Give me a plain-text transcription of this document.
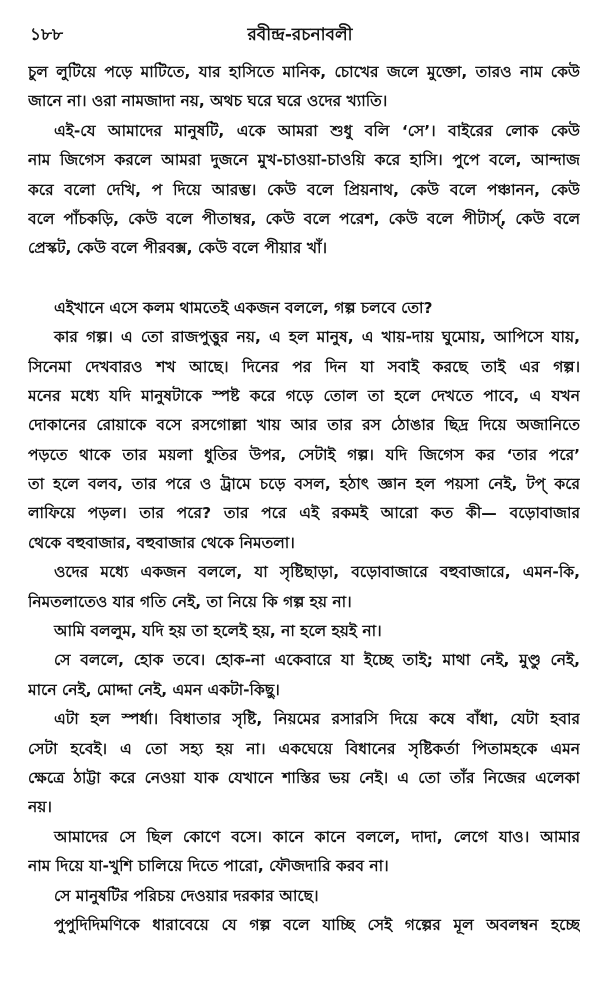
১৮৮	রবীন্দ্র-রচনাবলী
চুল লুটিয়ে পড়ে মাটিতে, যার হাসিতে মানিক, চোখের জলে মুক্তো, তারও নাম কেউ
জানে না। ওরা নামজাদা নয়, অথচ ঘরে ঘরে ওদের খ্যাতি।
এই-যে আমাদের মানুষটি, একে আমরা শুধু বলি ‘সে’। বাইরের লোক কেউ
নাম জিগেস করলে আমরা দুজনে মুখ-চাওয়া-চাওয়ি করে হাসি। পুপে বলে, আন্দাজ
করে বলো দেখি, প দিয়ে আরম্ভ। কেউ বলে প্রিয়নাথ, কেউ বলে পঞ্চানন, কেউ
বলে পাঁচকড়ি, কেউ বলে পীতাম্বর, কেউ বলে পরেশ, কেউ বলে পীটার্স্‌, কেউ বলে
প্রেস্কট, কেউ বলে পীরবক্স, কেউ বলে পীয়ার খাঁ।
এইখানে এসে কলম থামতেই একজন বললে, গল্প চলবে তো?
কার গল্প। এ তো রাজপুত্তুর নয়, এ হল মানুষ, এ খায়-দায় ঘুমোয়, আপিসে যায়,
সিনেমা দেখবারও শখ আছে। দিনের পর দিন যা সবাই করছে তাই এর গল্প।
মনের মধ্যে যদি মানুষটাকে স্পষ্ট করে গড়ে তোল তা হলে দেখতে পাবে, এ যখন
দোকানের রোয়াকে বসে রসগোল্লা খায় আর তার রস ঠোঙার ছিদ্র দিয়ে অজানিতে
পড়তে থাকে তার ময়লা ধুতির উপর, সেটাই গল্প। যদি জিগেস কর ‘তার পরে’
তা হলে বলব, তার পরে ও ট্রামে চড়ে বসল, হঠাৎ জ্ঞান হল পয়সা নেই, টপ্‌ করে
লাফিয়ে পড়ল। তার পরে? তার পরে এই রকমই আরো কত কী— বড়োবাজার
থেকে বহুবাজার, বহুবাজার থেকে নিমতলা।
ওদের মধ্যে একজন বললে, যা সৃষ্টিছাড়া, বড়োবাজারে বহুবাজারে, এমন-কি,
নিমতলাতেও যার গতি নেই, তা নিয়ে কি গল্প হয় না।
আমি বললুম, যদি হয় তা হলেই হয়, না হলে হয়ই না।
সে বললে, হোক তবে। হোক-না একেবারে যা ইচ্ছে তাই; মাথা নেই, মুণ্ডু নেই,
মানে নেই, মোদ্দা নেই, এমন একটা-কিছু।
এটা হল স্পর্ধা। বিধাতার সৃষ্টি, নিয়মের রসারসি দিয়ে কষে বাঁধা, যেটা হবার
সেটা হবেই। এ তো সহ্য হয় না। একঘেয়ে বিধানের সৃষ্টিকর্তা পিতামহকে এমন
ক্ষেত্রে ঠাট্টা করে নেওয়া যাক যেখানে শাস্তির ভয় নেই। এ তো তাঁর নিজের এলেকা
নয়।
আমাদের সে ছিল কোণে বসে। কানে কানে বললে, দাদা, লেগে যাও। আমার
নাম দিয়ে যা-খুশি চালিয়ে দিতে পারো, ফৌজদারি করব না।
সে মানুষটির পরিচয় দেওয়ার দরকার আছে।
পুপুদিদিমণিকে ধারাবেয়ে যে গল্প বলে যাচ্ছি সেই গল্পের মূল অবলম্বন হচ্ছে
